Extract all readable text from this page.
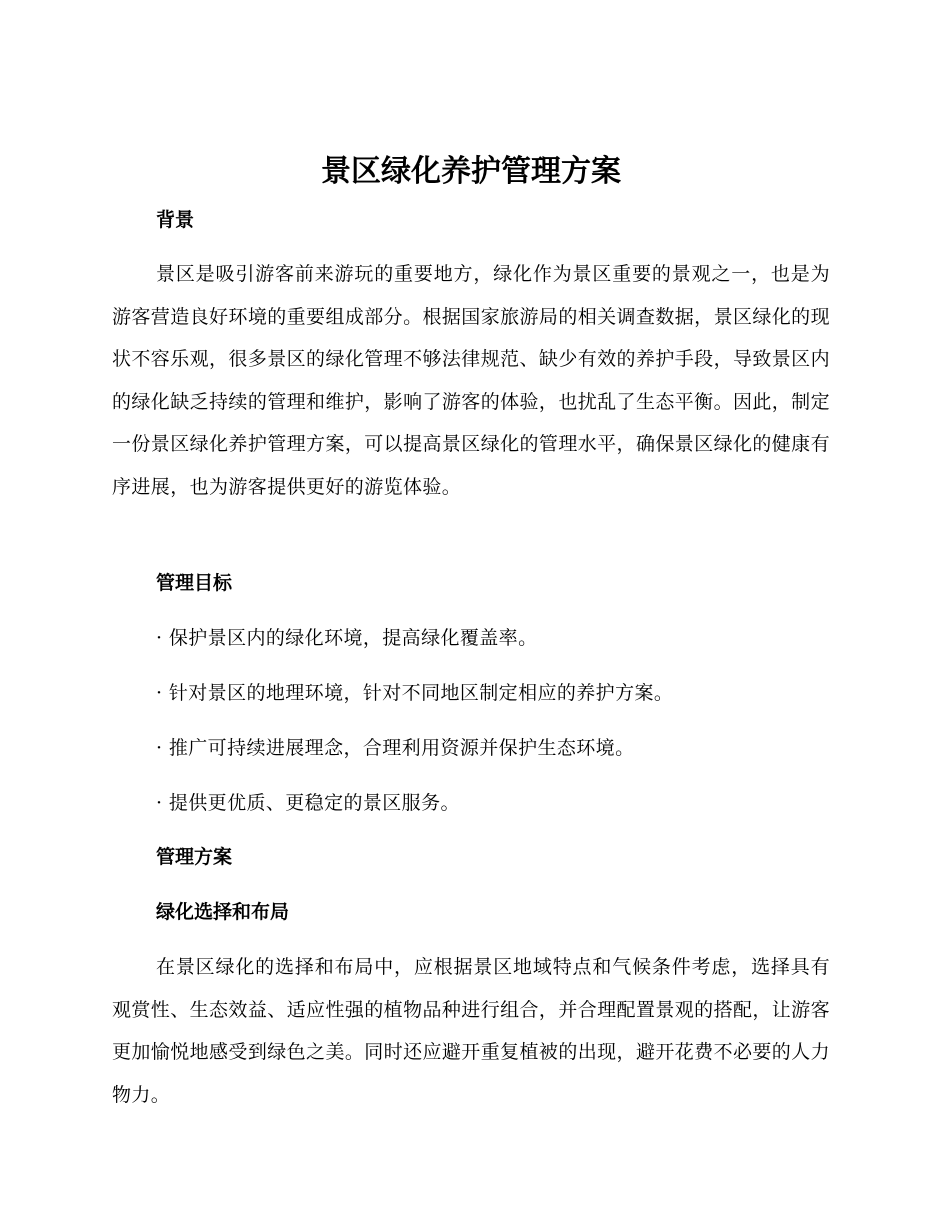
景区绿化养护管理方案
背景

景区是吸引游客前来游玩的重要地方，绿化作为景区重要的景观之一，也是为游客营造良好环境的重要组成部分。根据国家旅游局的相关调查数据，景区绿化的现状不容乐观，很多景区的绿化管理不够法律规范、缺少有效的养护手段，导致景区内的绿化缺乏持续的管理和维护，影响了游客的体验，也扰乱了生态平衡。因此，制定一份景区绿化养护管理方案，可以提高景区绿化的管理水平，确保景区绿化的健康有序进展，也为游客提供更好的游览体验。

管理目标

· 保护景区内的绿化环境，提高绿化覆盖率。

· 针对景区的地理环境，针对不同地区制定相应的养护方案。

· 推广可持续进展理念，合理利用资源并保护生态环境。

· 提供更优质、更稳定的景区服务。

管理方案
绿化选择和布局

在景区绿化的选择和布局中，应根据景区地域特点和气候条件考虑，选择具有观赏性、生态效益、适应性强的植物品种进行组合，并合理配置景观的搭配，让游客更加愉悦地感受到绿色之美。同时还应避开重复植被的出现，避开花费不必要的人力物力。
